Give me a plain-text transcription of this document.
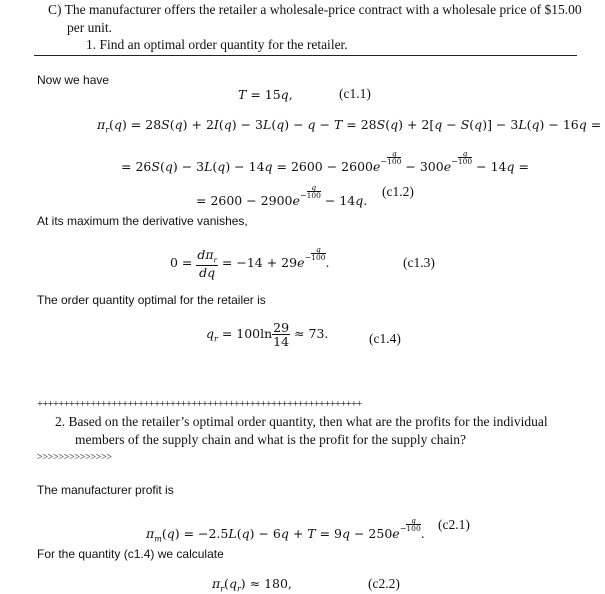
C) The manufacturer offers the retailer a wholesale-price contract with a wholesale price of $15.00
per unit.
1. Find an optimal order quantity for the retailer.
Now we have
T = 15q,	(c1.1)
$\pi_r(q) = 28S(q) + 2I(q) - 3L(q) - q - T = 28S(q) + 2[q - S(q)] - 3L(q) - 16q$ =
= $26S(q) - 3L(q) - 14q = 2600 - 2600e^- \frac{q}{100}$
− $300e^- \frac{q}{100}$
− 14q =
= $2600 - 2900e^- \frac{q}{100}$
− 14q.
(c1.2)
At its maximum the derivative vanishes,
$0 = \frac{d\pi_r}{dq} = -14 + 29e^- \frac{q}{100}$
.	(c1.3)
The order quantity optimal for the retailer is
$q_r = 100\ln \frac{29}{14} \approx 73$.	(c1.4)
+++++++++++++++++++++++++++++++++++++++++++++++++++++++++++++
2. Based on the retailer’s optimal order quantity, then what are the profits for the individual
members of the supply chain and what is the profit for the supply chain?
>>>>>>>>>>>>>>
The manufacturer profit is
$\pi_m(q) = -2.5L(q) - 6q + T = 9q - 250e^- \frac{q}{100}$
.
(c2.1)
For the quantity (c1.4) we calculate
$\pi_r(q_r) \approx 180$,	(c2.2)
